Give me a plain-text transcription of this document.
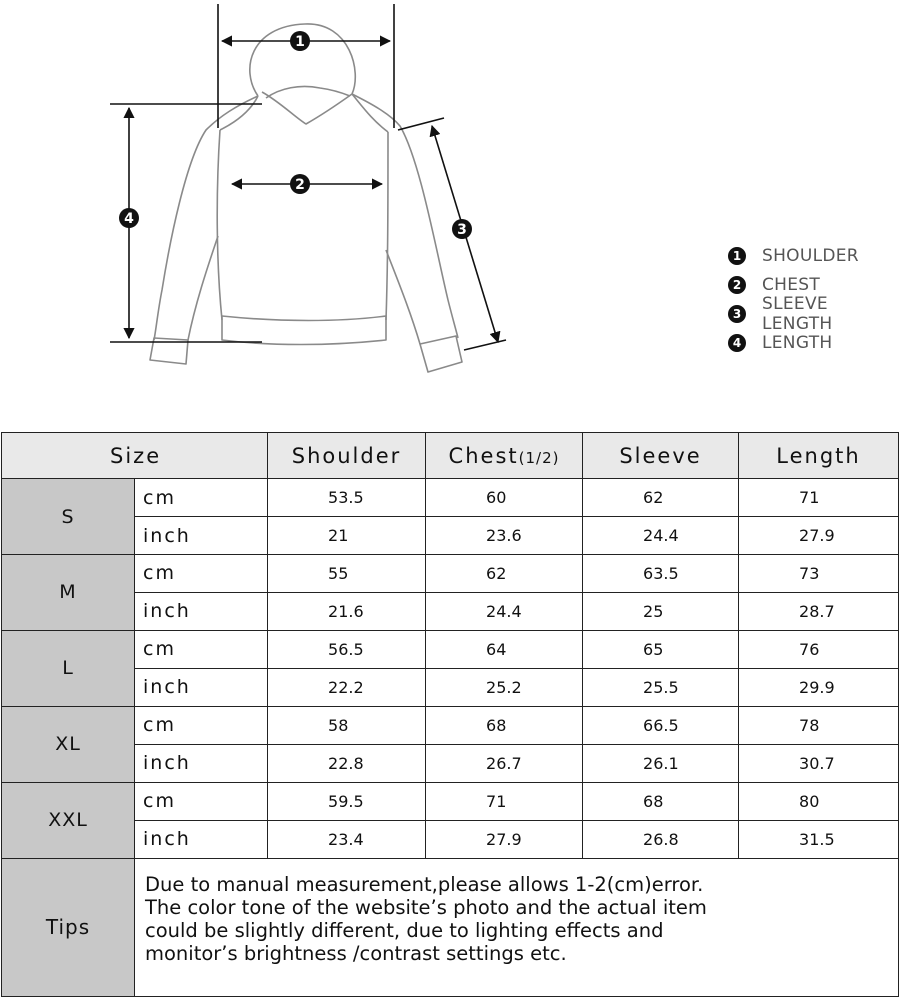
1
2
3
4
1 SHOULDER
2 CHEST
3 SLEEVE LENGTH
4 LENGTH
Size		Shoulder	Chest(1/2)	Sleeve	Length
S	cm	53.5	60	62	71
	inch	21	23.6	24.4	27.9
M	cm	55	62	63.5	73
	inch	21.6	24.4	25	28.7
L	cm	56.5	64	65	76
	inch	22.2	25.2	25.5	29.9
XL	cm	58	68	66.5	78
	inch	22.8	26.7	26.1	30.7
XXL	cm	59.5	71	68	80
	inch	23.4	27.9	26.8	31.5
Tips	Due to manual measurement,please allows 1-2(cm)error.
The color tone of the website’s photo and the actual item
could be slightly different, due to lighting effects and
monitor’s brightness /contrast settings etc.				
